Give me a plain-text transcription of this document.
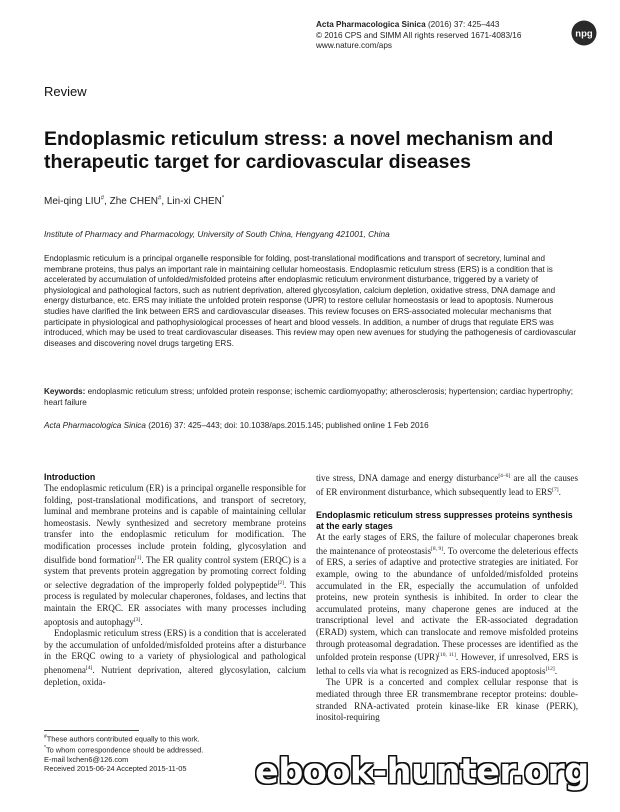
Acta Pharmacologica Sinica (2016) 37: 425–443
© 2016 CPS and SIMM All rights reserved 1671-4083/16
www.nature.com/aps
npg
Review
Endoplasmic reticulum stress: a novel mechanism and therapeutic target for cardiovascular diseases
Mei-qing LIU#, Zhe CHEN#, Lin-xi CHEN*
Institute of Pharmacy and Pharmacology, University of South China, Hengyang 421001, China
Endoplasmic reticulum is a principal organelle responsible for folding, post-translational modifications and transport of secretory, luminal and membrane proteins, thus palys an important rale in maintaining cellular homeostasis. Endoplasmic reticulum stress (ERS) is a condition that is accelerated by accumulation of unfolded/misfolded proteins after endoplasmic reticulum environment disturbance, triggered by a variety of physiological and pathological factors, such as nutrient deprivation, altered glycosylation, calcium depletion, oxidative stress, DNA damage and energy disturbance, etc. ERS may initiate the unfolded protein response (UPR) to restore cellular homeostasis or lead to apoptosis. Numerous studies have clarified the link between ERS and cardiovascular diseases. This review focuses on ERS-associated molecular mechanisms that participate in physiological and pathophysiological processes of heart and blood vessels. In addition, a number of drugs that regulate ERS was introduced, which may be used to treat cardiovascular diseases. This review may open new avenues for studying the pathogenesis of cardiovascular diseases and discovering novel drugs targeting ERS.
Keywords: endoplasmic reticulum stress; unfolded protein response; ischemic cardiomyopathy; atherosclerosis; hypertension; cardiac hypertrophy; heart failure
Acta Pharmacologica Sinica (2016) 37: 425–443; doi: 10.1038/aps.2015.145; published online 1 Feb 2016
Introduction

The endoplasmic reticulum (ER) is a principal organelle responsible for folding, post-translational modifications, and transport of secretory, luminal and membrane proteins and is capable of maintaining cellular homeostasis. Newly synthesized and secretory membrane proteins transfer into the endoplasmic reticulum for modification. The modification processes include protein folding, glycosylation and disulfide bond formation[1]. The ER quality control system (ERQC) is a system that prevents protein aggregation by promoting correct folding or selective degradation of the improperly folded polypeptide[2]. This process is regulated by molecular chaperones, foldases, and lectins that maintain the ERQC. ER associates with many processes including apoptosis and autophagy[3].

Endoplasmic reticulum stress (ERS) is a condition that is accelerated by the accumulation of unfolded/misfolded proteins after a disturbance in the ERQC owing to a variety of physiological and pathological phenomena[4]. Nutrient deprivation, altered glycosylation, calcium depletion, oxida-

tive stress, DNA damage and energy disturbance[4–6] are all the causes of ER environment disturbance, which subsequently lead to ERS[7].

Endoplasmic reticulum stress suppresses proteins synthesis at the early stages

At the early stages of ERS, the failure of molecular chaperones break the maintenance of proteostasis[8, 9]. To overcome the deleterious effects of ERS, a series of adaptive and protective strategies are initiated. For example, owing to the abundance of unfolded/misfolded proteins accumulated in the ER, especially the accumulation of unfolded proteins, new protein synthesis is inhibited. In order to clear the accumulated proteins, many chaperone genes are induced at the transcriptional level and activate the ER-associated degradation (ERAD) system, which can translocate and remove misfolded proteins through proteasomal degradation. These processes are identified as the unfolded protein response (UPR)[10, 11]. However, if unresolved, ERS is lethal to cells via what is recognized as ERS-induced apoptosis[12].

The UPR is a concerted and complex cellular response that is mediated through three ER transmembrane receptor proteins: double-stranded RNA-activated protein kinase-like ER kinase (PERK), inositol-requiring

#These authors contributed equally to this work.
*To whom correspondence should be addressed.
E-mail lxchen6@126.com
Received 2015-06-24 Accepted 2015-11-05	ebook-hunter.org
